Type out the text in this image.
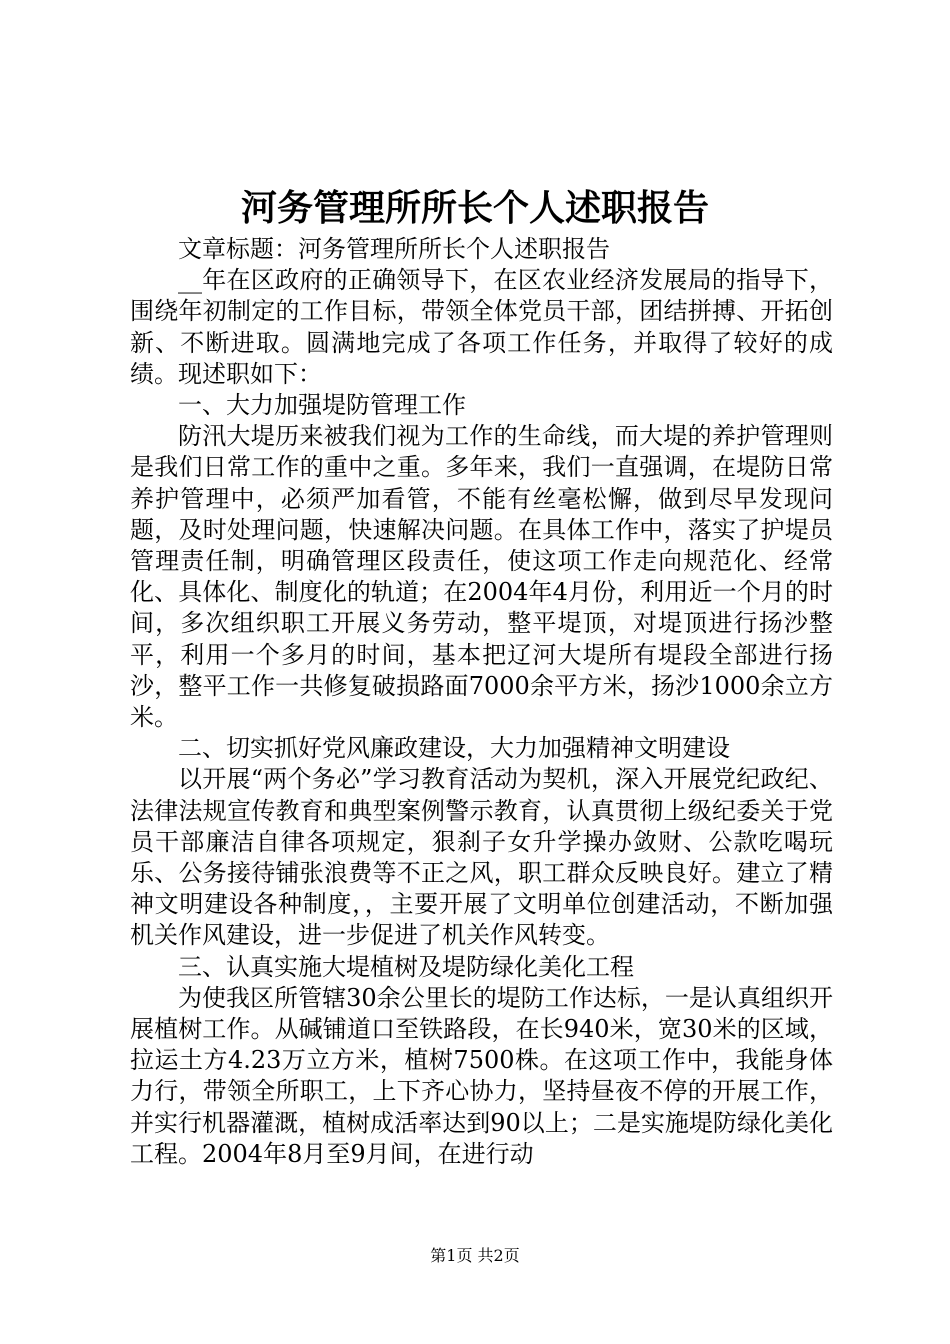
河务管理所所长个人述职报告

文章标题：河务管理所所长个人述职报告

__年在区政府的正确领导下，在区农业经济发展局的指导下，围绕年初制定的工作目标，带领全体党员干部，团结拼搏、开拓创新、不断进取。圆满地完成了各项工作任务，并取得了较好的成绩。现述职如下：

一、大力加强堤防管理工作

防汛大堤历来被我们视为工作的生命线，而大堤的养护管理则是我们日常工作的重中之重。多年来，我们一直强调，在堤防日常养护管理中，必须严加看管，不能有丝毫松懈，做到尽早发现问题，及时处理问题，快速解决问题。在具体工作中，落实了护堤员管理责任制，明确管理区段责任，使这项工作走向规范化、经常化、具体化、制度化的轨道；在2004年4月份，利用近一个月的时间，多次组织职工开展义务劳动，整平堤顶，对堤顶进行扬沙整平，利用一个多月的时间，基本把辽河大堤所有堤段全部进行扬沙，整平工作一共修复破损路面7000余平方米，扬沙1000余立方米。

二、切实抓好党风廉政建设，大力加强精神文明建设

以开展“两个务必”学习教育活动为契机，深入开展党纪政纪、法律法规宣传教育和典型案例警示教育，认真贯彻上级纪委关于党员干部廉洁自律各项规定，狠刹子女升学操办敛财、公款吃喝玩乐、公务接待铺张浪费等不正之风，职工群众反映良好。建立了精神文明建设各种制度，，主要开展了文明单位创建活动，不断加强机关作风建设，进一步促进了机关作风转变。

三、认真实施大堤植树及堤防绿化美化工程

为使我区所管辖30余公里长的堤防工作达标，一是认真组织开展植树工作。从碱铺道口至铁路段，在长940米，宽30米的区域，拉运土方4.23万立方米，植树7500株。在这项工作中，我能身体力行，带领全所职工，上下齐心协力，坚持昼夜不停的开展工作，并实行机器灌溉，植树成活率达到90以上；二是实施堤防绿化美化工程。2004年8月至9月间，在进行动

第1页 共2页
